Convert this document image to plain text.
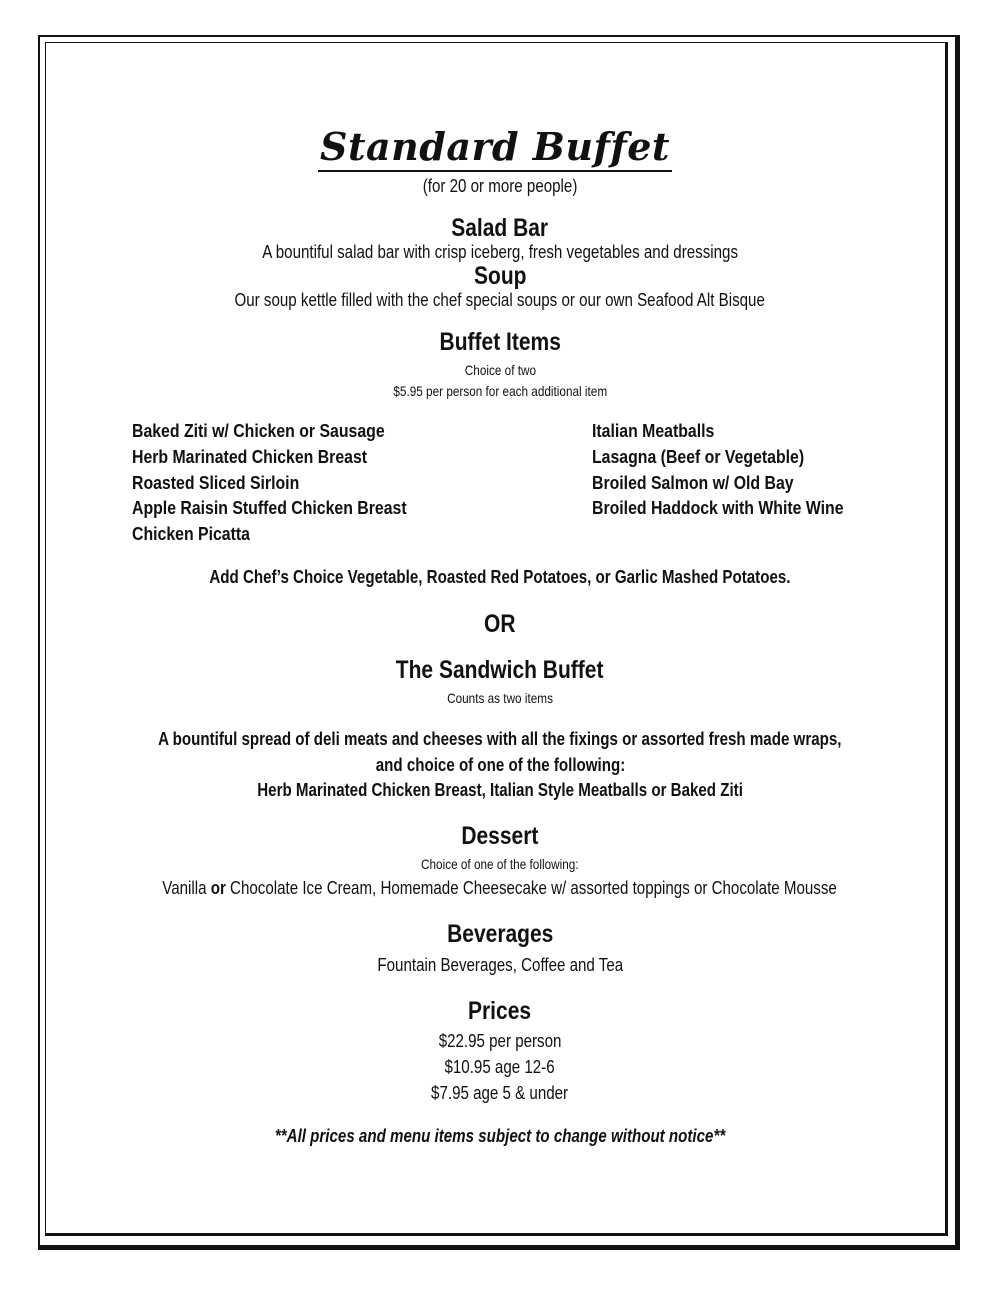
Standard Buffet
(for 20 or more people)
Salad Bar
A bountiful salad bar with crisp iceberg, fresh vegetables and dressings
Soup
Our soup kettle filled with the chef special soups or our own Seafood Alt Bisque
Buffet Items
Choice of two
$5.95 per person for each additional item
Baked Ziti w/ Chicken or Sausage
Herb Marinated Chicken Breast
Roasted Sliced Sirloin
Apple Raisin Stuffed Chicken Breast
Chicken Picatta
Italian Meatballs
Lasagna (Beef or Vegetable)
Broiled Salmon w/ Old Bay
Broiled Haddock with White Wine
Add Chef’s Choice Vegetable, Roasted Red Potatoes, or Garlic Mashed Potatoes.
OR
The Sandwich Buffet
Counts as two items
A bountiful spread of deli meats and cheeses with all the fixings or assorted fresh made wraps,
and choice of one of the following:
Herb Marinated Chicken Breast, Italian Style Meatballs or Baked Ziti
Dessert
Choice of one of the following:
Vanilla or Chocolate Ice Cream, Homemade Cheesecake w/ assorted toppings or Chocolate Mousse
Beverages
Fountain Beverages, Coffee and Tea
Prices
$22.95 per person
$10.95 age 12-6
$7.95 age 5 & under
**All prices and menu items subject to change without notice**
